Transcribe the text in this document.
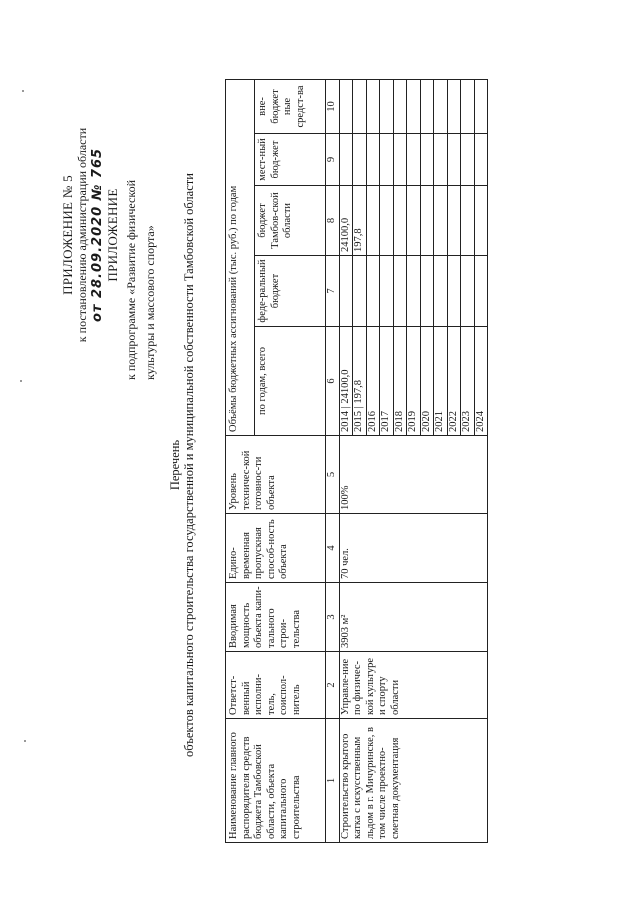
ПРИЛОЖЕНИЕ № 5 к постановлению администрации области от 28.09.2020 № 765 ПРИЛОЖЕНИЕ к подпрограмме «Развитие физической культуры и массового спорта»
Перечень объектов капитального строительства государственной и муниципальной собственности Тамбовской области
Наименование главного распорядителя средств бюджета Тамбовской области, объекта капитального строительства	Ответст-венный исполни-тель, соиспол-нитель	Вводимая мощность объекта капи-тального строи-тельства	Едино-временная пропускная способ-ность объекта	Уровень техничес-кой готовнос-ти объекта	Объёмы бюджетных ассигнований (тыс. руб.) по годам				
					по годам, всего	феде-ральный бюджет	бюджет Тамбов-ской области	мест-ный бюд-жет	вне-бюджет ные средст-ва
1	2	3	4	5	6	7	8	9	10
Строительство крытого катка с искусственным льдом в г. Мичуринске, в том числе проектно-сметная документация	Управле-ние по физичес-кой культуре и спорту области	3903 м²	70 чел.	100%	2014 | 24100,0		24100,0		
					2015 | 197,8		197,8		
					2016				
					2017				
					2018				
					2019				
					2020				
					2021				
					2022				
					2023				
					2024				
